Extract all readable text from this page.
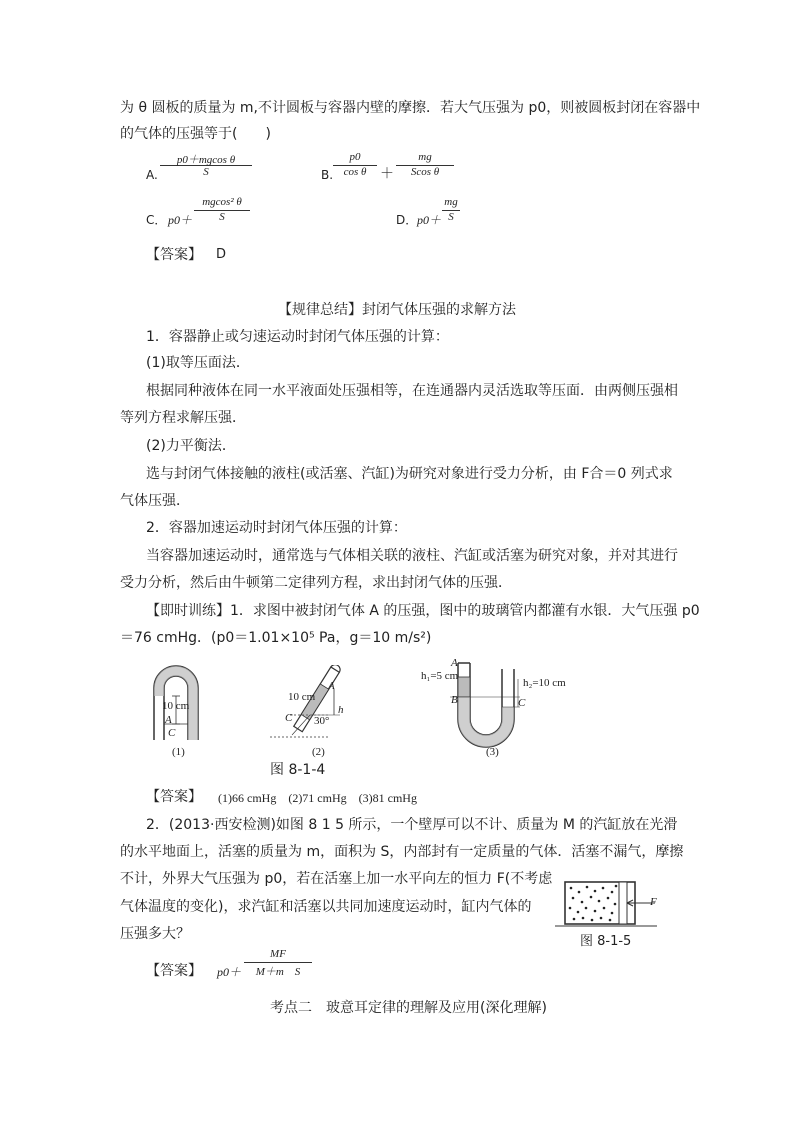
为 θ 圆板的质量为 m,不计圆板与容器内壁的摩擦．若大气压强为 p0，则被圆板封闭在容器中
的气体的压强等于(　　)
A.
p0＋mgcos θ
S	B.
p0
cos θ ＋
mg
Scos θ
C． p0＋
mgcos² θ
S	D． p0＋
mg
S
【答案】 D
【规律总结】封闭气体压强的求解方法
1．容器静止或匀速运动时封闭气体压强的计算：
(1)取等压面法．
根据同种液体在同一水平液面处压强相等，在连通器内灵活选取等压面．由两侧压强相
等列方程求解压强．
(2)力平衡法．
选与封闭气体接触的液柱(或活塞、汽缸)为研究对象进行受力分析，由 F合＝0 列式求
气体压强．
2．容器加速运动时封闭气体压强的计算：
当容器加速运动时，通常选与气体相关联的液柱、汽缸或活塞为研究对象，并对其进行
受力分析，然后由牛顿第二定律列方程，求出封闭气体的压强．
【即时训练】1．求图中被封闭气体 A 的压强，图中的玻璃管内都灌有水银．大气压强 p0
＝76 cmHg．(p0＝1.01×10⁵ Pa，g＝10 m/s²)
10 cm
A
C
(1)
10 cm
A
C
h
30°
(2)
h₁=5 cm
h₂=10 cm
A
B	C
(3)
图 8-1-4
【答案】 (1)66 cmHg　(2)71 cmHg　(3)81 cmHg
2．(2013·西安检测)如图 8 1 5 所示，一个壁厚可以不计、质量为 M 的汽缸放在光滑
的水平地面上，活塞的质量为 m，面积为 S，内部封有一定质量的气体．活塞不漏气，摩擦
不计，外界大气压强为 p0，若在活塞上加一水平向左的恒力 F(不考虑
气体温度的变化)，求汽缸和活塞以共同加速度运动时，缸内气体的
压强多大？
F
图 8-1-5
【答案】 p0＋
MF
M＋m　S
考点二　玻意耳定律的理解及应用(深化理解)
